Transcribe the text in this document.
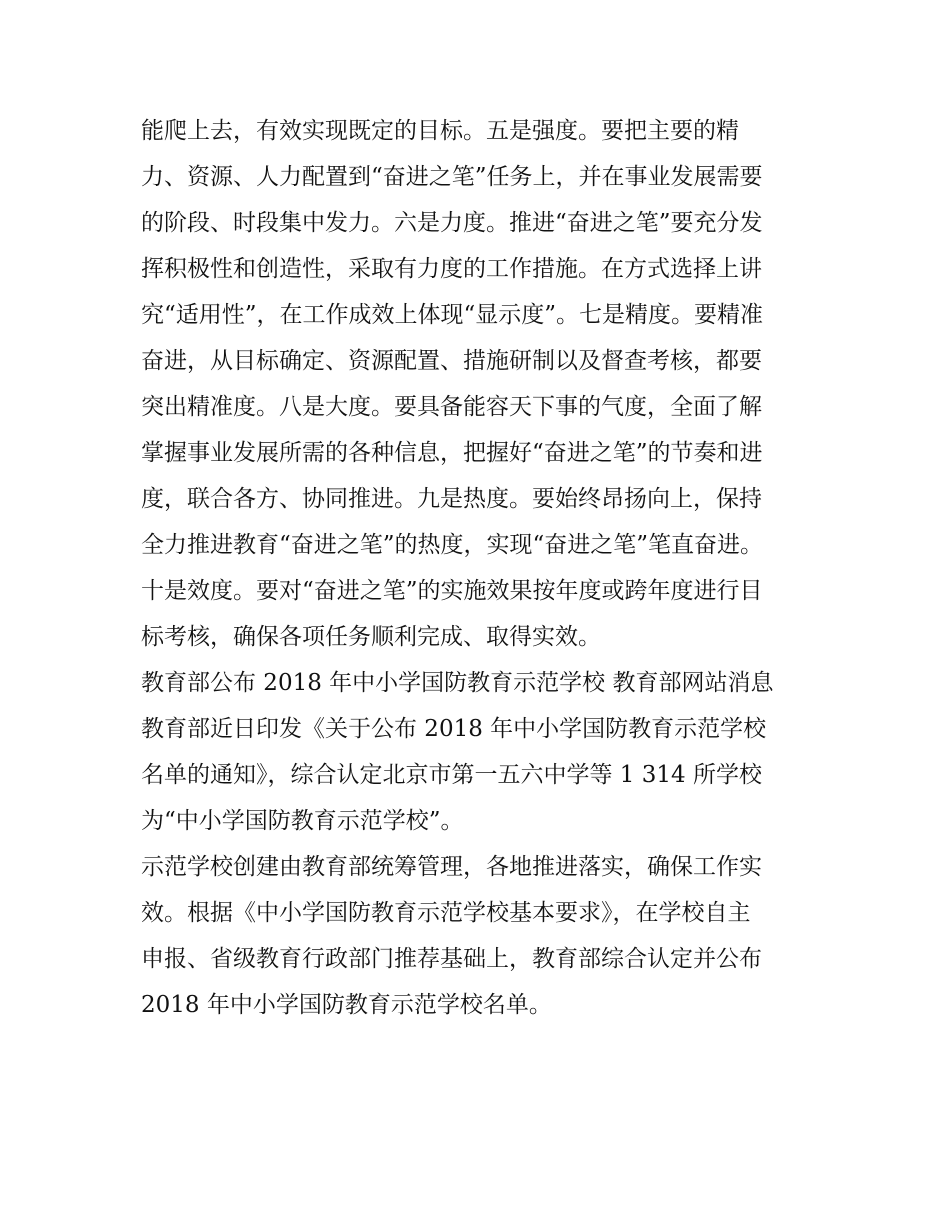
能爬上去，有效实现既定的目标。五是强度。要把主要的精
力、资源、人力配置到“奋进之笔”任务上，并在事业发展需要
的阶段、时段集中发力。六是力度。推进“奋进之笔”要充分发
挥积极性和创造性，采取有力度的工作措施。在方式选择上讲
究“适用性”，在工作成效上体现“显示度”。七是精度。要精准
奋进，从目标确定、资源配置、措施研制以及督查考核，都要
突出精准度。八是大度。要具备能容天下事的气度，全面了解
掌握事业发展所需的各种信息，把握好“奋进之笔”的节奏和进
度，联合各方、协同推进。九是热度。要始终昂扬向上，保持
全力推进教育“奋进之笔”的热度，实现“奋进之笔”笔直奋进。
十是效度。要对“奋进之笔”的实施效果按年度或跨年度进行目
标考核，确保各项任务顺利完成、取得实效。
教育部公布 2018 年中小学国防教育示范学校 教育部网站消息
教育部近日印发《关于公布 2018 年中小学国防教育示范学校
名单的通知》，综合认定北京市第一五六中学等 1 314 所学校
为“中小学国防教育示范学校”。
示范学校创建由教育部统筹管理，各地推进落实，确保工作实
效。根据《中小学国防教育示范学校基本要求》，在学校自主
申报、省级教育行政部门推荐基础上，教育部综合认定并公布
2018 年中小学国防教育示范学校名单。
